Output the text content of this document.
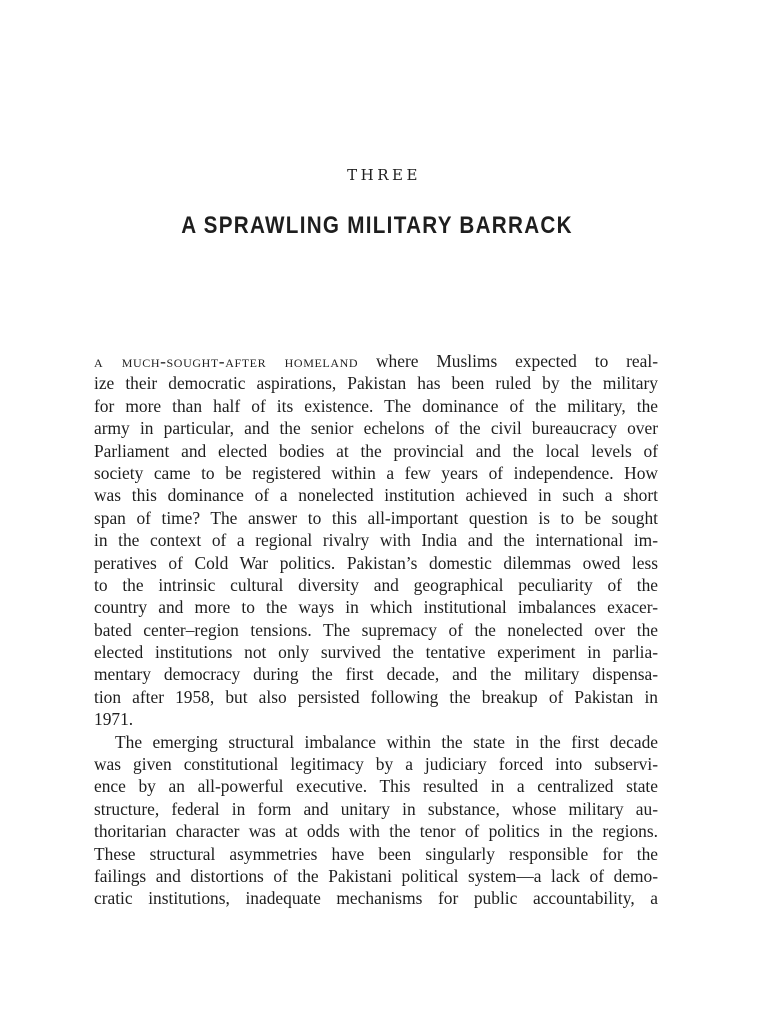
THREE
A SPRAWLING MILITARY BARRACK

a much-sought-after homeland where Muslims expected to real-
ize their democratic aspirations, Pakistan has been ruled by the military
for more than half of its existence. The dominance of the military, the
army in particular, and the senior echelons of the civil bureaucracy over
Parliament and elected bodies at the provincial and the local levels of
society came to be registered within a few years of independence. How
was this dominance of a nonelected institution achieved in such a short
span of time? The answer to this all-important question is to be sought
in the context of a regional rivalry with India and the international im-
peratives of Cold War politics. Pakistan’s domestic dilemmas owed less
to the intrinsic cultural diversity and geographical peculiarity of the
country and more to the ways in which institutional imbalances exacer-
bated center–region tensions. The supremacy of the nonelected over the
elected institutions not only survived the tentative experiment in parlia-
mentary democracy during the first decade, and the military dispensa-
tion after 1958, but also persisted following the breakup of Pakistan in
1971.

The emerging structural imbalance within the state in the first decade
was given constitutional legitimacy by a judiciary forced into subservi-
ence by an all-powerful executive. This resulted in a centralized state
structure, federal in form and unitary in substance, whose military au-
thoritarian character was at odds with the tenor of politics in the regions.
These structural asymmetries have been singularly responsible for the
failings and distortions of the Pakistani political system—a lack of demo-
cratic institutions, inadequate mechanisms for public accountability, a
